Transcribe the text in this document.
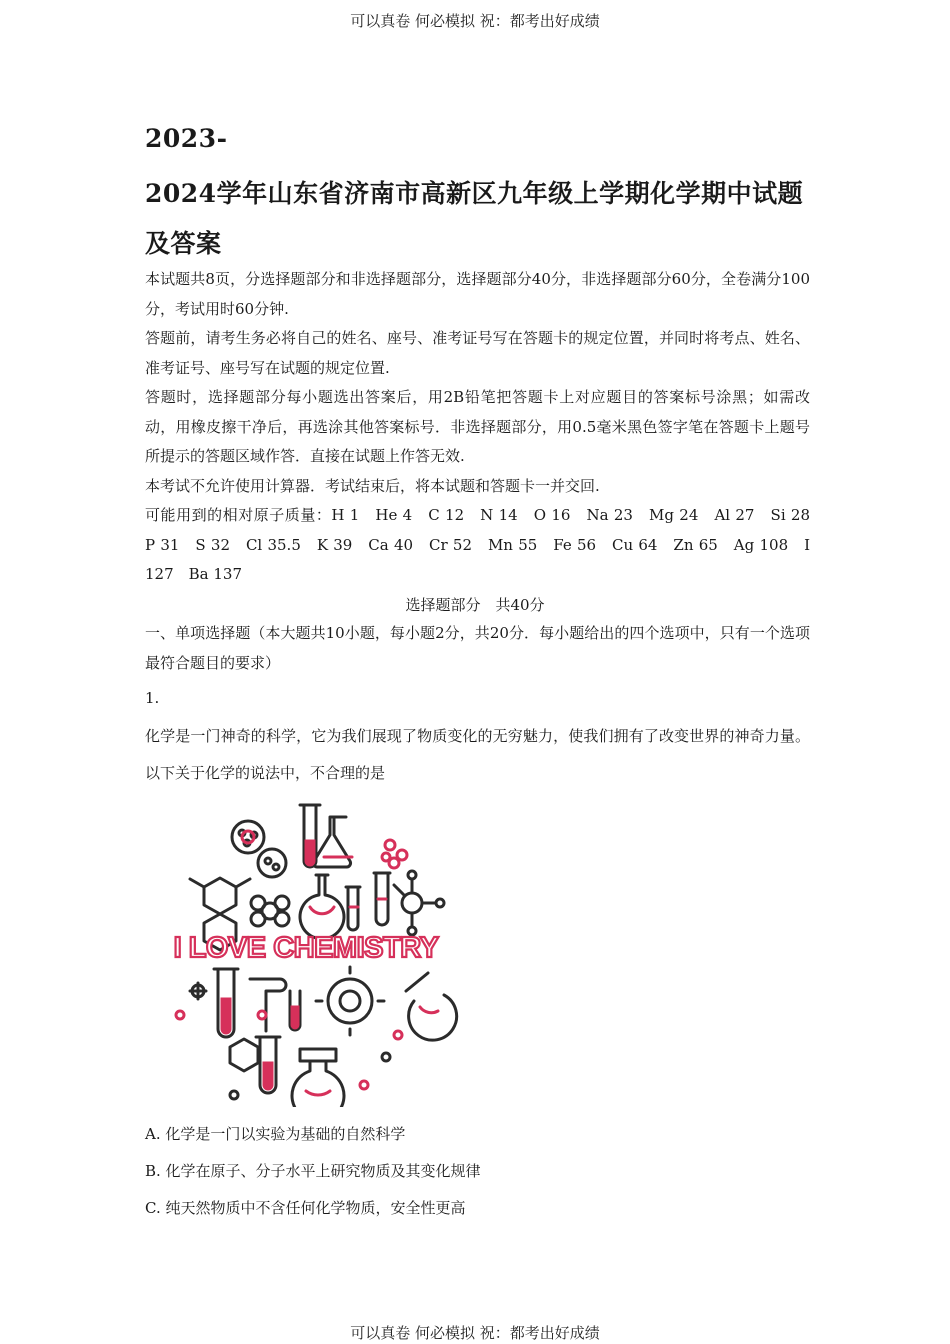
可以真卷 何必模拟 祝：都考出好成绩
2023-
2024学年山东省济南市高新区九年级上学期化学期中试题
及答案
本试题共8页，分选择题部分和非选择题部分，选择题部分40分，非选择题部分60分，全卷满分100分，考试用时60分钟.
答题前，请考生务必将自己的姓名、座号、准考证号写在答题卡的规定位置，并同时将考点、姓名、准考证号、座号写在试题的规定位置.
答题时，选择题部分每小题选出答案后，用2B铅笔把答题卡上对应题目的答案标号涂黑；如需改动，用橡皮擦干净后，再选涂其他答案标号．非选择题部分，用0.5毫米黑色签字笔在答题卡上题号所提示的答题区域作答．直接在试题上作答无效.
本考试不允许使用计算器．考试结束后，将本试题和答题卡一并交回.
可能用到的相对原子质量：H 1　He 4　C 12　N 14　O 16　Na 23　Mg 24　Al 27　Si 28　P 31　S 32　Cl 35.5　K 39　Ca 40　Cr 52　Mn 55　Fe 56　Cu 64　Zn 65　Ag 108　I 127　Ba 137
选择题部分　共40分
一、单项选择题（本大题共10小题，每小题2分，共20分．每小题给出的四个选项中，只有一个选项最符合题目的要求）
1.
化学是一门神奇的科学，它为我们展现了物质变化的无穷魅力，使我们拥有了改变世界的神奇力量。以下关于化学的说法中，不合理的是
I LOVE CHEMISTRY
A. 化学是一门以实验为基础的自然科学
B. 化学在原子、分子水平上研究物质及其变化规律
C. 纯天然物质中不含任何化学物质，安全性更高
可以真卷 何必模拟 祝：都考出好成绩
